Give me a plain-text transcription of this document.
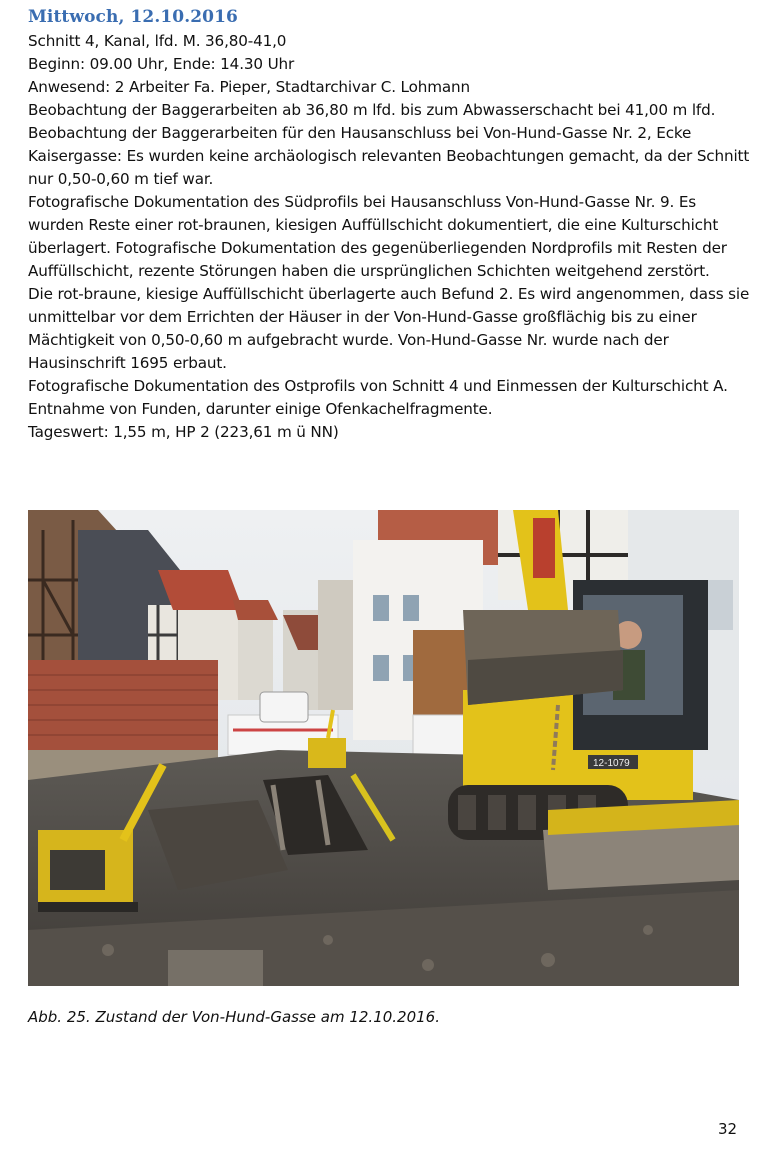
Mittwoch, 12.10.2016

Schnitt 4, Kanal, lfd. M. 36,80-41,0

Beginn: 09.00 Uhr, Ende: 14.30 Uhr

Anwesend: 2 Arbeiter Fa. Pieper, Stadtarchivar C. Lohmann

Beobachtung der Baggerarbeiten ab 36,80 m lfd. bis zum Abwasserschacht bei 41,00 m lfd.

Beobachtung der Baggerarbeiten für den Hausanschluss bei Von-Hund-Gasse Nr. 2, Ecke Kaisergasse: Es wurden keine archäologisch relevanten Beobachtungen gemacht, da der Schnitt nur 0,50-0,60 m tief war.

Fotografische Dokumentation des Südprofils bei Hausanschluss Von-Hund-Gasse Nr. 9. Es wurden Reste einer rot-braunen, kiesigen Auffüllschicht dokumentiert, die eine Kulturschicht überlagert. Fotografische Dokumentation des gegenüberliegenden Nordprofils mit Resten der Auffüllschicht, rezente Störungen haben die ursprünglichen Schichten weitgehend zerstört.

Die rot-braune, kiesige Auffüllschicht überlagerte auch Befund 2. Es wird angenommen, dass sie unmittelbar vor dem Errichten der Häuser in der Von-Hund-Gasse großflächig bis zu einer Mächtigkeit von 0,50-0,60 m aufgebracht wurde. Von-Hund-Gasse Nr. wurde nach der Hausinschrift 1695 erbaut.

Fotografische Dokumentation des Ostprofils von Schnitt 4 und Einmessen der Kulturschicht A. Entnahme von Funden, darunter einige Ofenkachelfragmente.

Tageswert: 1,55 m, HP 2 (223,61 m ü NN)

12-1079
Abb. 25. Zustand der Von-Hund-Gasse am 12.10.2016.
32
